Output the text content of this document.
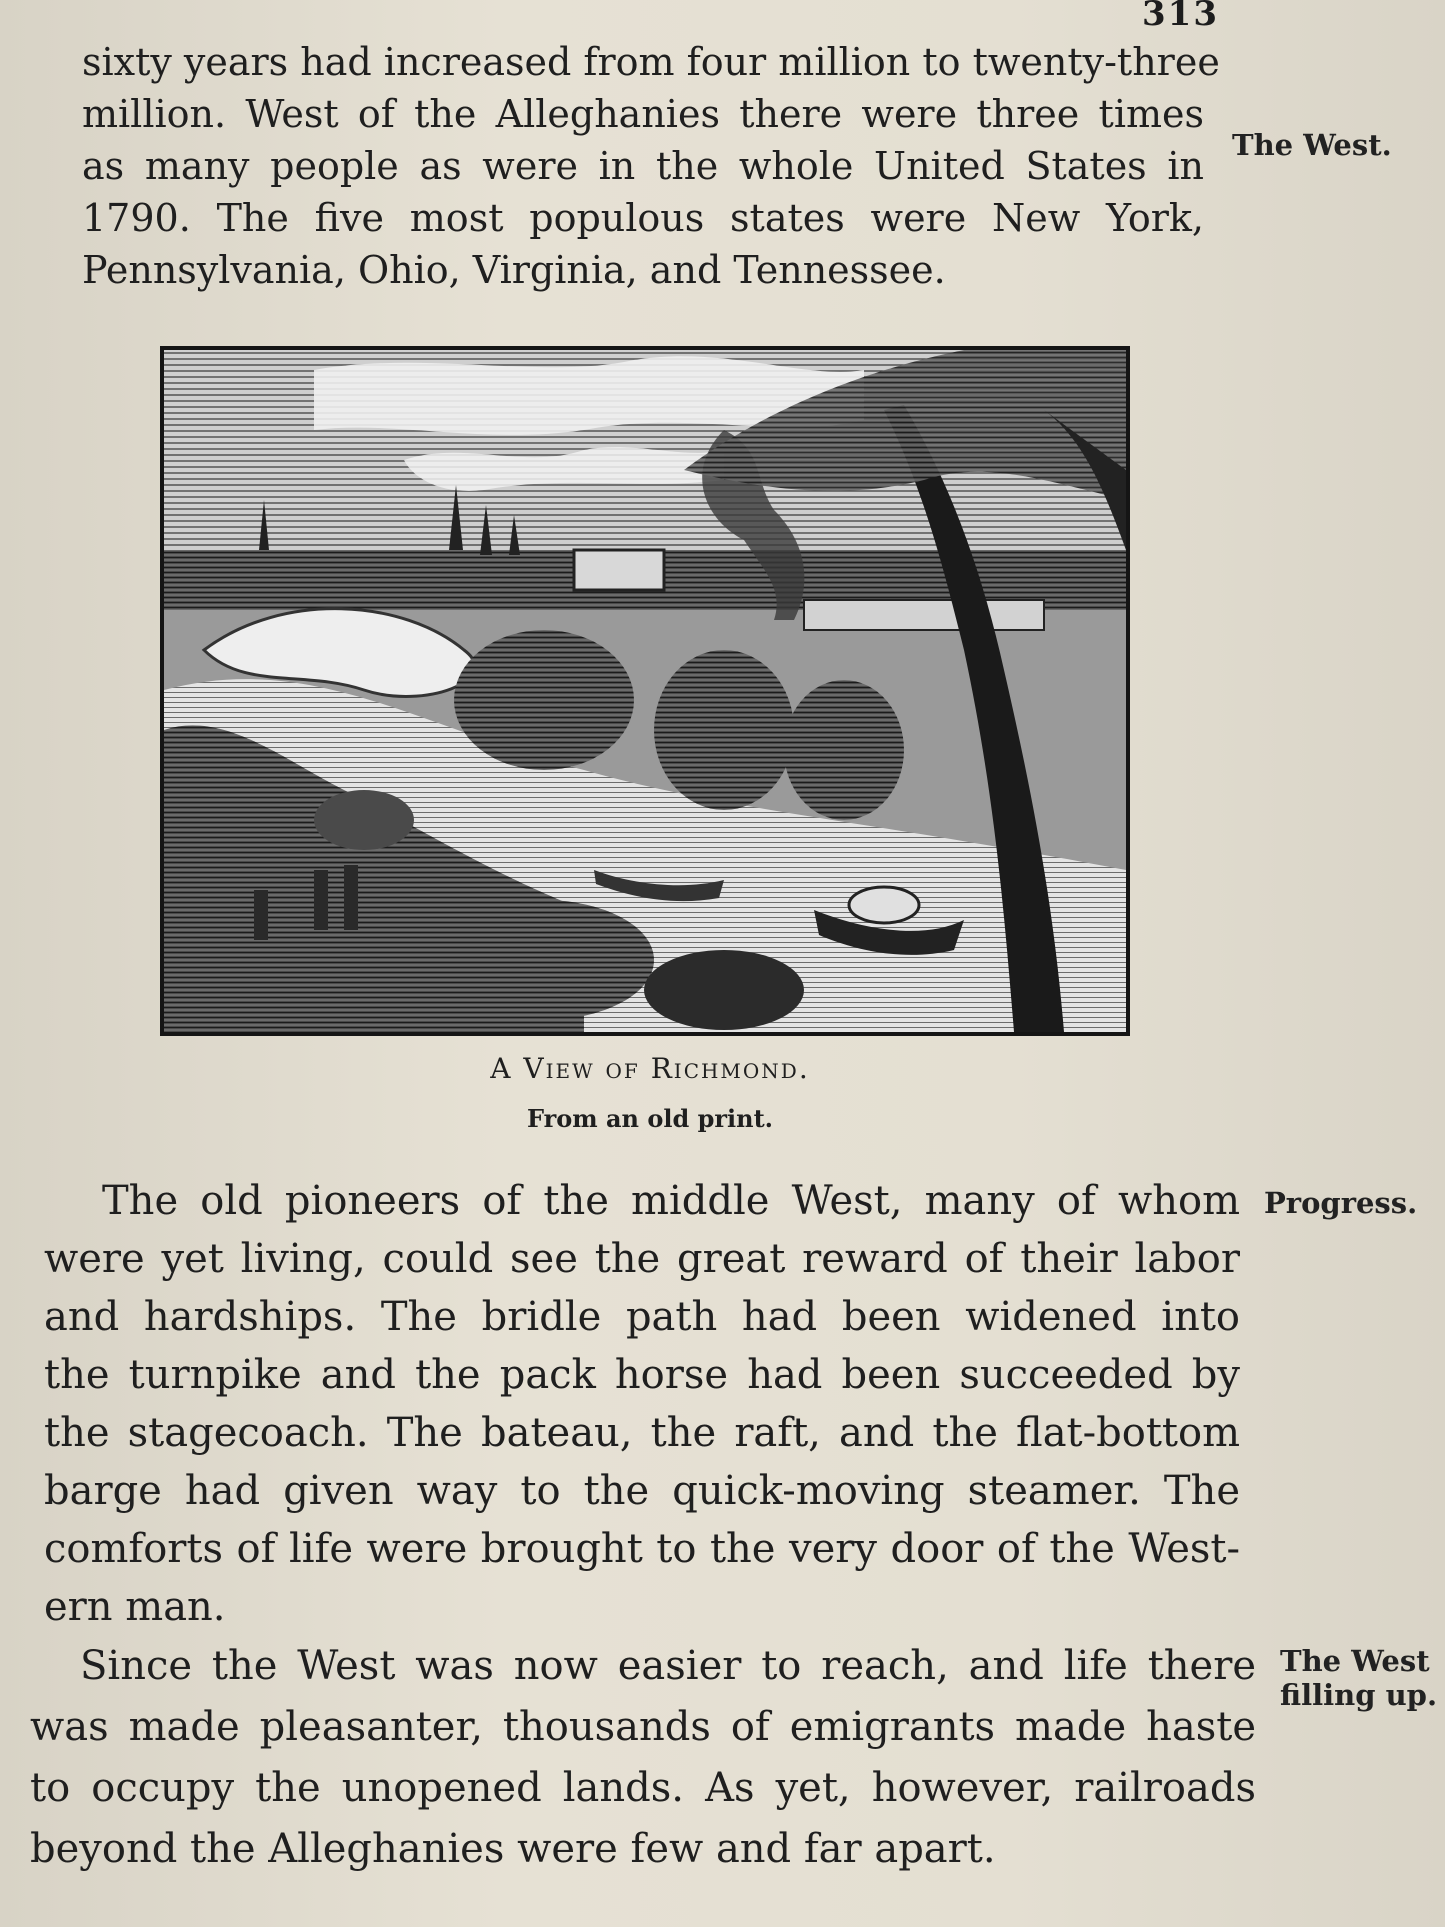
313

sixty years had increased from four million to twenty-three
million. West of the Alleghanies there were three times
as many people as were in the whole United States in
1790. The five most populous states were New York,
Pennsylvania, Ohio, Virginia, and Tennessee.

The West.
A View of Richmond.
From an old print.

The old pioneers of the middle West, many of whom
were yet living, could see the great reward of their labor
and hardships. The bridle path had been widened into
the turnpike and the pack horse had been succeeded by
the stagecoach. The bateau, the raft, and the flat-bottom
barge had given way to the quick-moving steamer. The
comforts of life were brought to the very door of the West-
ern man.

Progress.

Since the West was now easier to reach, and life there
was made pleasanter, thousands of emigrants made haste
to occupy the unopened lands. As yet, however, railroads
beyond the Alleghanies were few and far apart.

The West
filling up.
